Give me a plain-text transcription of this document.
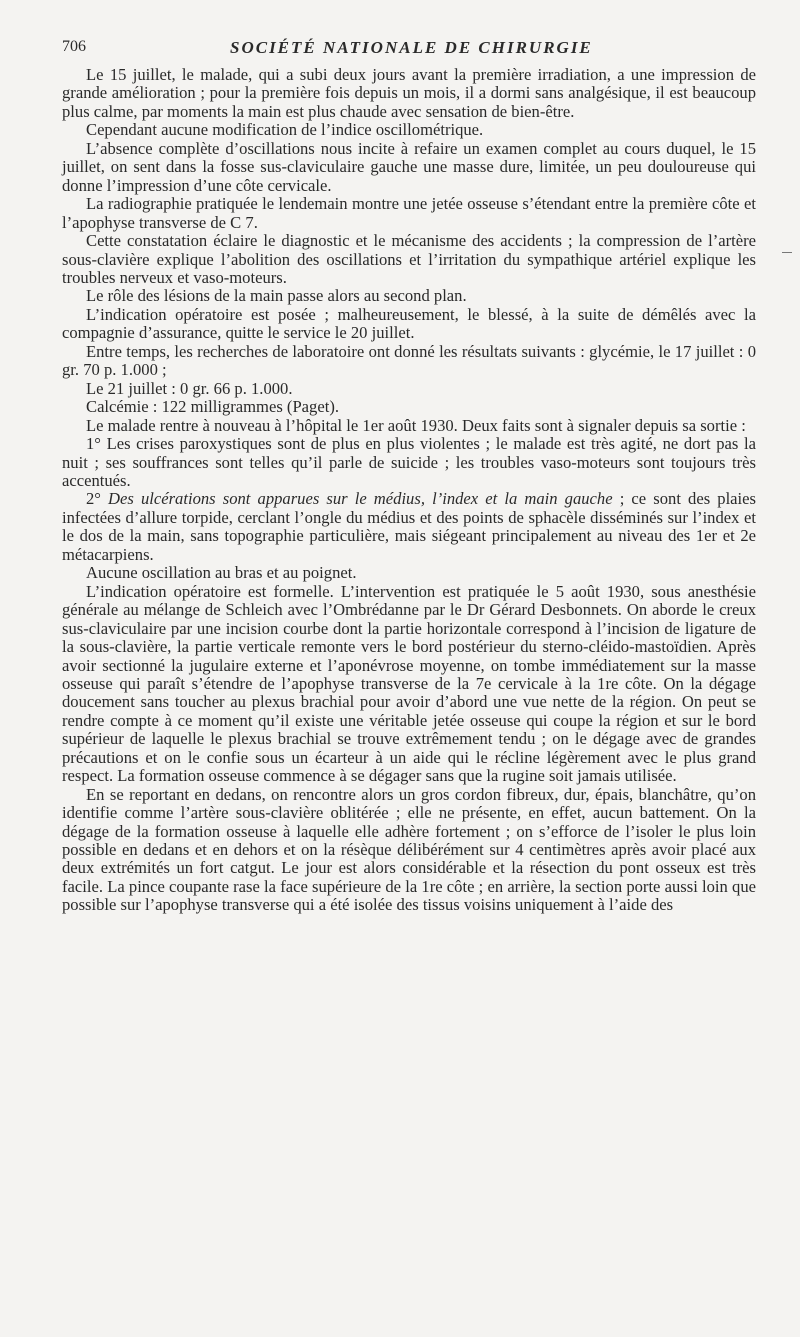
706	SOCIÉTÉ NATIONALE DE CHIRURGIE

Le 15 juillet, le malade, qui a subi deux jours avant la première irradiation, a une impression de grande amélioration ; pour la première fois depuis un mois, il a dormi sans analgésique, il est beaucoup plus calme, par moments la main est plus chaude avec sensation de bien-être.

Cependant aucune modification de l’indice oscillométrique.

L’absence complète d’oscillations nous incite à refaire un examen complet au cours duquel, le 15 juillet, on sent dans la fosse sus-claviculaire gauche une masse dure, limitée, un peu douloureuse qui donne l’impression d’une côte cervicale.

La radiographie pratiquée le lendemain montre une jetée osseuse s’étendant entre la première côte et l’apophyse transverse de C 7.

Cette constatation éclaire le diagnostic et le mécanisme des accidents ; la compression de l’artère sous-clavière explique l’abolition des oscillations et l’irritation du sympathique artériel explique les troubles nerveux et vaso-moteurs.

Le rôle des lésions de la main passe alors au second plan.

L’indication opératoire est posée ; malheureusement, le blessé, à la suite de démêlés avec la compagnie d’assurance, quitte le service le 20 juillet.

Entre temps, les recherches de laboratoire ont donné les résultats suivants : glycémie, le 17 juillet : 0 gr. 70 p. 1.000 ;

Le 21 juillet : 0 gr. 66 p. 1.000.

Calcémie : 122 milligrammes (Paget).

Le malade rentre à nouveau à l’hôpital le 1er août 1930. Deux faits sont à signaler depuis sa sortie :

1° Les crises paroxystiques sont de plus en plus violentes ; le malade est très agité, ne dort pas la nuit ; ses souffrances sont telles qu’il parle de suicide ; les troubles vaso-moteurs sont toujours très accentués.

2° Des ulcérations sont apparues sur le médius, l’index et la main gauche ; ce sont des plaies infectées d’allure torpide, cerclant l’ongle du médius et des points de sphacèle disséminés sur l’index et le dos de la main, sans topographie particulière, mais siégeant principalement au niveau des 1er et 2e métacarpiens.

Aucune oscillation au bras et au poignet.

L’indication opératoire est formelle. L’intervention est pratiquée le 5 août 1930, sous anesthésie générale au mélange de Schleich avec l’Ombrédanne par le Dr Gérard Desbonnets. On aborde le creux sus-claviculaire par une incision courbe dont la partie horizontale correspond à l’incision de ligature de la sous-clavière, la partie verticale remonte vers le bord postérieur du sterno-cléido-mastoïdien. Après avoir sectionné la jugulaire externe et l’aponévrose moyenne, on tombe immédiatement sur la masse osseuse qui paraît s’étendre de l’apophyse transverse de la 7e cervicale à la 1re côte. On la dégage doucement sans toucher au plexus brachial pour avoir d’abord une vue nette de la région. On peut se rendre compte à ce moment qu’il existe une véritable jetée osseuse qui coupe la région et sur le bord supérieur de laquelle le plexus brachial se trouve extrêmement tendu ; on le dégage avec de grandes précautions et on le confie sous un écarteur à un aide qui le récline légèrement avec le plus grand respect. La formation osseuse commence à se dégager sans que la rugine soit jamais utilisée.

En se reportant en dedans, on rencontre alors un gros cordon fibreux, dur, épais, blanchâtre, qu’on identifie comme l’artère sous-clavière oblitérée ; elle ne présente, en effet, aucun battement. On la dégage de la formation osseuse à laquelle elle adhère fortement ; on s’efforce de l’isoler le plus loin possible en dedans et en dehors et on la résèque délibérément sur 4 centimètres après avoir placé aux deux extrémités un fort catgut. Le jour est alors considérable et la résection du pont osseux est très facile. La pince coupante rase la face supérieure de la 1re côte ; en arrière, la section porte aussi loin que possible sur l’apophyse transverse qui a été isolée des tissus voisins uniquement à l’aide des
